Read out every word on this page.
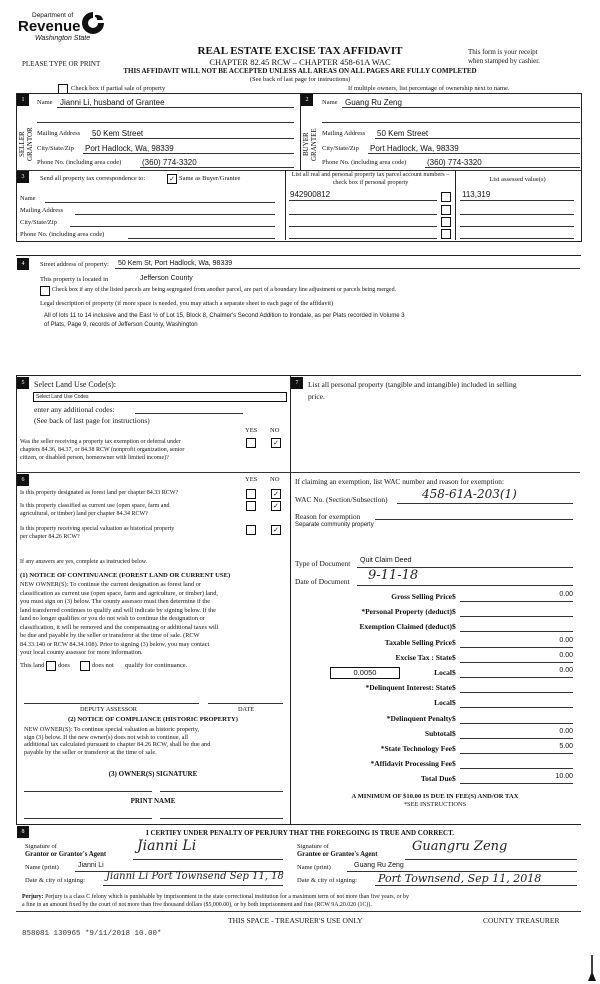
Department of
Revenue
Washington State
REAL ESTATE EXCISE TAX AFFIDAVIT
PLEASE TYPE OR PRINT	CHAPTER 82.45 RCW – CHAPTER 458-61A WAC
This form is your receipt
when stamped by cashier.
THIS AFFIDAVIT WILL NOT BE ACCEPTED UNLESS ALL AREAS ON ALL PAGES ARE FULLY COMPLETED
(See back of last page for instructions)
Check box if partial sale of property	If multiple owners, list percentage of ownership next to name.
1	2
SELLER GRANTOR	BUYER GRANTEE
Name Jianni Li, husband of Grantee
Mailing Address 50 Kem Street
City/State/Zip Port Hadlock, Wa, 98339
Phone No. (including area code)	(360) 774-3320
Name Guang Ru Zeng
Mailing Address 50 Kem Street
City/State/Zip Port Hadlock, Wa, 98339
Phone No. (including area code)	(360) 774-3320
3	Send all property tax correspondence to:	✓ Same as Buyer/Grantee
Name
Mailing Address
City/State/Zip
Phone No. (including area code)
List all real and personal property tax parcel account numbers – check box if personal property
942900812
List assessed value(s)
113,319
4	Street address of property: 50 Kem St, Port Hadlock, Wa, 98339
This property is located in	Jefferson County
Check box if any of the listed parcels are being segregated from another parcel, are part of a boundary line adjustment or parcels being merged.
Legal description of property (if more space is needed, you may attach a separate sheet to each page of the affidavit)
All of lots 11 to 14 inclusive and the East ½ of Lot 15, Block 8, Chalmer's Second Addition to Irondale, as per Plats recorded in Volume 3
of Plats, Page 9, records of Jefferson County, Washington
5	Select Land Use Code(s):
Select Land Use Codes
enter any additional codes:
(See back of last page for instructions)
YES NO
Was the seller receiving a property tax exemption or deferral under
chapters 84.36, 84.37, or 84.38 RCW (nonprofit organization, senior
citizen, or disabled person, homeowner with limited income)?
✓
6	YES NO
Is this property designated as forest land per chapter 84.33 RCW?	✓
Is this property classified as current use (open space, farm and
agricultural, or timber) land per chapter 84.34 RCW?
✓
Is this property receiving special valuation as historical property
per chapter 84.26 RCW?
✓
If any answers are yes, complete as instructed below.
(1) NOTICE OF CONTINUANCE (FOREST LAND OR CURRENT USE)
NEW OWNER(S): To continue the current designation as forest land or
classification as current use (open space, farm and agriculture, or timber) land,
you must sign on (3) below. The county assessor must then determine if the
land transferred continues to qualify and will indicate by signing below. If the
land no longer qualifies or you do not wish to continue the designation or
classification, it will be removed and the compensating or additional taxes will
be due and payable by the seller or transferor at the time of sale. (RCW
84.33.140 or RCW 84.34.108). Prior to signing (3) below, you may contact
your local county assessor for more information.
This land does	does not qualify for continuance.
DEPUTY ASSESSOR	DATE
(2) NOTICE OF COMPLIANCE (HISTORIC PROPERTY)
NEW OWNER(S): To continue special valuation as historic property,
sign (3) below. If the new owner(s) does not wish to continue, all
additional tax calculated pursuant to chapter 84.26 RCW, shall be due and
payable by the seller or transferor at the time of sale.
(3) OWNER(S) SIGNATURE
PRINT NAME
7	List all personal property (tangible and intangible) included in selling
price.
If claiming an exemption, list WAC number and reason for exemption:
WAC No. (Section/Subsection)	458-61A-203(1)
Reason for exemption
Separate community property
Type of Document Quit Claim Deed
Date of Document 9-11-18
Gross Selling Price $	0.00
*Personal Property (deduct) $
Exemption Claimed (deduct) $
Taxable Selling Price $	0.00
Excise Tax : State $	0.00
Local $	0.00
*Delinquent Interest: State $
Local $
*Delinquent Penalty $
Subtotal $	0.00
*State Technology Fee $	5.00
*Affidavit Processing Fee $
Total Due $	10.00
0.0050
A MINIMUM OF $10.00 IS DUE IN FEE(S) AND/OR TAX
*SEE INSTRUCTIONS
8	I CERTIFY UNDER PENALTY OF PERJURY THAT THE FOREGOING IS TRUE AND CORRECT.
Signature of
Grantor or Grantor's Agent
Jianni Li
Name (print)	Jianni Li
Date & city of signing: Jianni Li Port Townsend Sep 11, 18
Signature of
Grantee or Grantee's Agent
Guangru Zeng
Name (print)	Guang Ru Zeng
Date & city of signing: Port Townsend, Sep 11, 2018
Perjury: Perjury is a class C felony which is punishable by imprisonment in the state correctional institution for a maximum term of not more than five years, or by
a fine in an amount fixed by the court of not more than five thousand dollars ($5,000.00), or by both imprisonment and fine (RCW 9A.20.020 (1C)).
THIS SPACE - TREASURER'S USE ONLY	COUNTY TREASURER
858081 130965 *9/11/2018 10.00*
